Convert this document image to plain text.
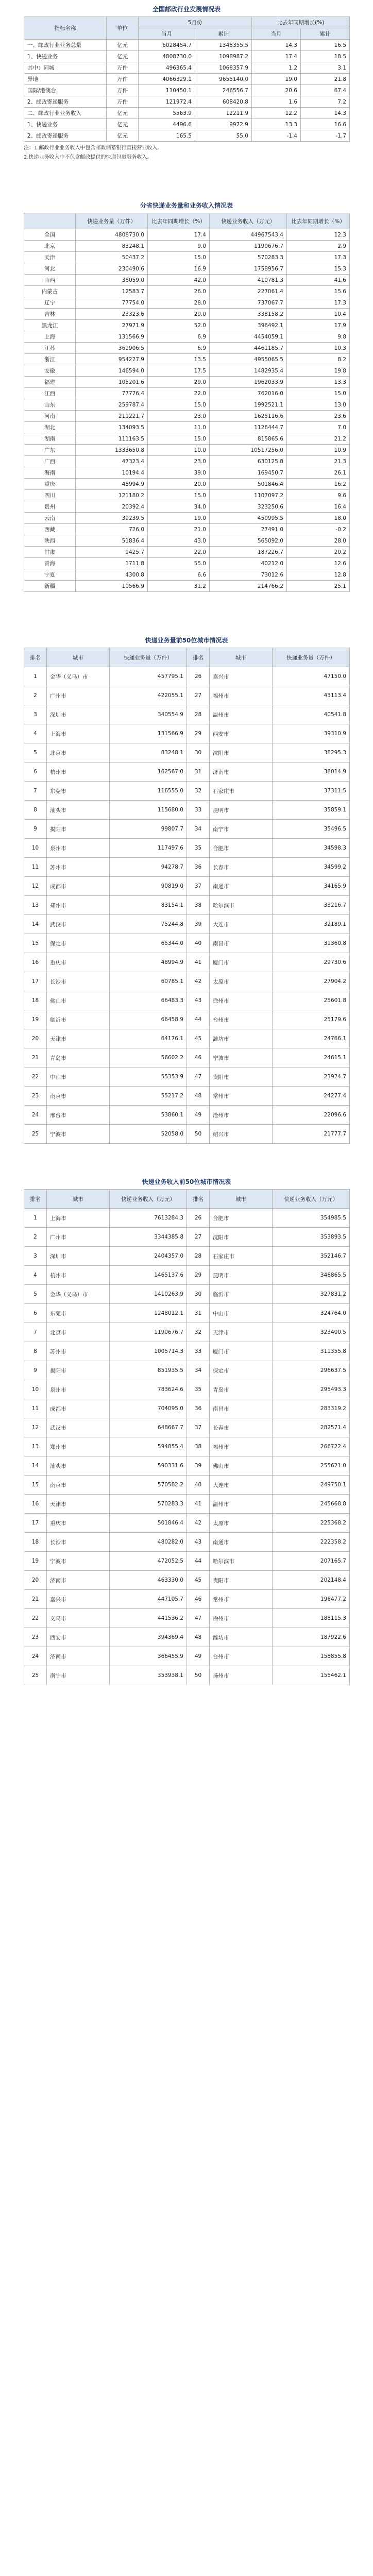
全国邮政行业发展情况表
指标名称	单位	5月份		比去年同期增长(%)	
		当月	累计	当月	累计
一、邮政行业业务总量	亿元	6028454.7	1348355.5	14.3	16.5
1、快递业务	亿元	4808730.0	1098987.2	17.4	18.5
其中：同城	万件	496365.4	1068357.9	1.2	3.1
异地	万件	4066329.1	9655140.0	19.0	21.8
国际/港澳台	万件	110450.1	246556.7	20.6	67.4
2、邮政寄递服务	万件	121972.4	608420.8	1.6	7.2
二、邮政行业业务收入	亿元	5563.9	12211.9	12.2	14.3
1、快递业务	亿元	4496.6	9972.9	13.3	16.6
2、邮政寄递服务	亿元	165.5	55.0	-1.4	-1.7
注：1.邮政行业业务收入中包含邮政储蓄银行直接营业收入。
2.快递业务收入中不包含邮政提供的快递包裹服务收入。
分省快递业务量和业务收入情况表
	快递业务量（万件）	比去年同期增长（%）	快递业务收入（万元）	比去年同期增长（%）
全国	4808730.0	17.4	44967543.4	12.3
北京	83248.1	9.0	1190676.7	2.9
天津	50437.2	15.0	570283.3	17.3
河北	230490.6	16.9	1758956.7	15.3
山西	38059.0	42.0	410781.3	41.6
内蒙古	12583.7	26.0	227061.4	15.6
辽宁	77754.0	28.0	737067.7	17.3
吉林	23323.6	29.0	338158.2	10.4
黑龙江	27971.9	52.0	396492.1	17.9
上海	131566.9	6.9	4454059.1	9.8
江苏	361906.5	6.9	4461185.7	10.3
浙江	954227.9	13.5	4955065.5	8.2
安徽	146594.0	17.5	1482935.4	19.8
福建	105201.6	29.0	1962033.9	13.3
江西	77776.4	22.0	762016.0	15.0
山东	259787.4	15.0	1992521.1	13.0
河南	211221.7	23.0	1625116.6	23.6
湖北	134093.5	11.0	1126444.7	7.0
湖南	111163.5	15.0	815865.6	21.2
广东	1333650.8	10.0	10517256.0	10.9
广西	47323.4	23.0	630125.8	21.3
海南	10194.4	39.0	169450.7	26.1
重庆	48994.9	20.0	501846.4	16.2
四川	121180.2	15.0	1107097.2	9.6
贵州	20392.4	34.0	323250.6	16.4
云南	39239.5	19.0	450995.5	18.0
西藏	726.0	21.0	27491.0	-0.2
陕西	51836.4	43.0	565092.0	28.0
甘肃	9425.7	22.0	187226.7	20.2
青海	1711.8	55.0	40212.0	12.6
宁夏	4300.8	6.6	73012.6	12.8
新疆	10566.9	31.2	214766.2	25.1
快递业务量前50位城市情况表
排名	城市	快递业务量（万件）	排名	城市	快递业务量（万件）
1	金华（义乌）市	457795.1	26	嘉兴市	47150.0
2	广州市	422055.1	27	福州市	43113.4
3	深圳市	340554.9	28	温州市	40541.8
4	上海市	131566.9	29	西安市	39310.9
5	北京市	83248.1	30	沈阳市	38295.3
6	杭州市	162567.0	31	济南市	38014.9
7	东莞市	116555.0	32	石家庄市	37311.5
8	汕头市	115680.0	33	昆明市	35859.1
9	揭阳市	99807.7	34	南宁市	35496.5
10	泉州市	117497.6	35	合肥市	34598.3
11	苏州市	94278.7	36	长春市	34599.2
12	成都市	90819.0	37	南通市	34165.9
13	郑州市	83154.1	38	哈尔滨市	33216.7
14	武汉市	75244.8	39	大连市	32189.1
15	保定市	65344.0	40	南昌市	31360.8
16	重庆市	48994.9	41	厦门市	29730.6
17	长沙市	60785.1	42	太原市	27904.2
18	佛山市	66483.3	43	徐州市	25601.8
19	临沂市	66458.9	44	台州市	25179.6
20	天津市	64176.1	45	潍坊市	24766.1
21	青岛市	56602.2	46	宁波市	24615.1
22	中山市	55353.9	47	贵阳市	23924.7
23	南京市	55217.2	48	常州市	24277.4
24	邢台市	53860.1	49	沧州市	22096.6
25	宁波市	52058.0	50	绍兴市	21777.7
快递业务收入前50位城市情况表
排名	城市	快递业务收入（万元）	排名	城市	快递业务收入（万元）
1	上海市	7613284.3	26	合肥市	354985.5
2	广州市	3344385.8	27	沈阳市	353893.5
3	深圳市	2404357.0	28	石家庄市	352146.7
4	杭州市	1465137.6	29	昆明市	348865.5
5	金华（义乌）市	1410263.9	30	临沂市	327831.2
6	东莞市	1248012.1	31	中山市	324764.0
7	北京市	1190676.7	32	天津市	323400.5
8	苏州市	1005714.3	33	厦门市	311355.8
9	揭阳市	851935.5	34	保定市	296637.5
10	泉州市	783624.6	35	青岛市	295493.3
11	成都市	704095.0	36	南昌市	283319.2
12	武汉市	648667.7	37	长春市	282571.4
13	郑州市	594855.4	38	福州市	266722.4
14	汕头市	590331.6	39	佛山市	255621.0
15	南京市	570582.2	40	大连市	249750.1
16	天津市	570283.3	41	温州市	245668.8
17	重庆市	501846.4	42	太原市	225368.2
18	长沙市	480282.0	43	南通市	222358.2
19	宁波市	472052.5	44	哈尔滨市	207165.7
20	济南市	463330.0	45	贵阳市	202148.4
21	嘉兴市	447105.7	46	常州市	196477.2
22	义乌市	441536.2	47	徐州市	188115.3
23	西安市	394369.4	48	潍坊市	187922.6
24	济南市	366455.9	49	台州市	158855.8
25	南宁市	353938.1	50	扬州市	155462.1
